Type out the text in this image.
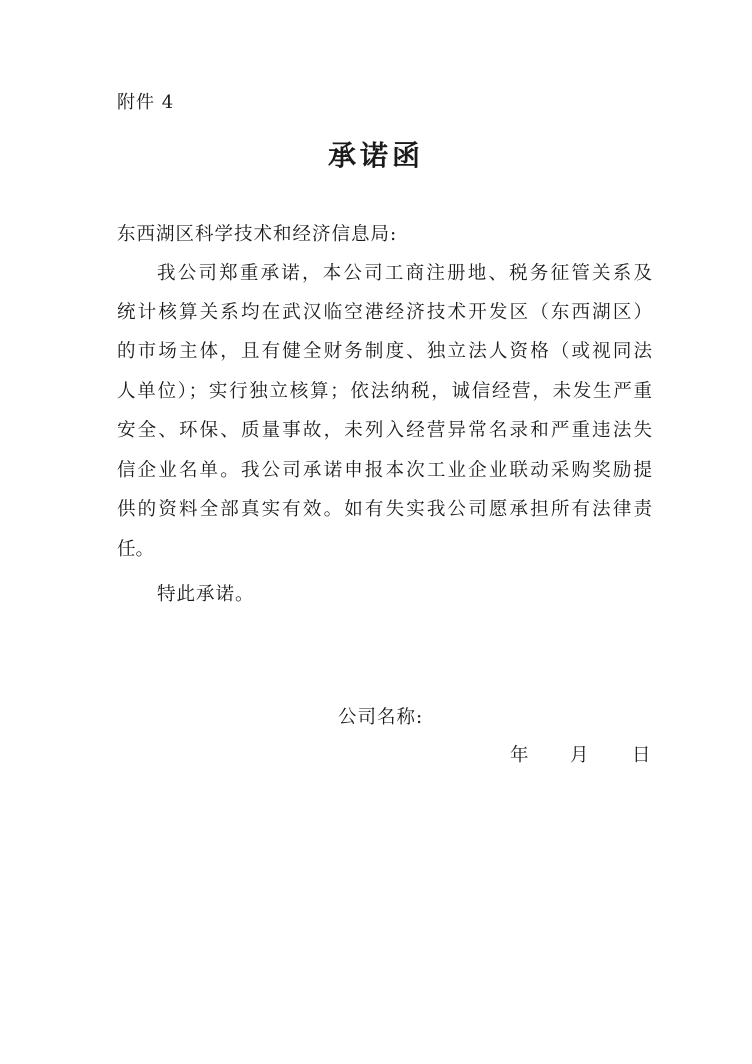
附件 4
承诺函
东西湖区科学技术和经济信息局:
我公司郑重承诺，本公司工商注册地、税务征管关系及
统计核算关系均在武汉临空港经济技术开发区（东西湖区）
的市场主体，且有健全财务制度、独立法人资格（或视同法
人单位）；实行独立核算；依法纳税，诚信经营，未发生严重
安全、环保、质量事故，未列入经营异常名录和严重违法失
信企业名单。我公司承诺申报本次工业企业联动采购奖励提
供的资料全部真实有效。如有失实我公司愿承担所有法律责
任。
特此承诺。
公司名称:
年 月 日
